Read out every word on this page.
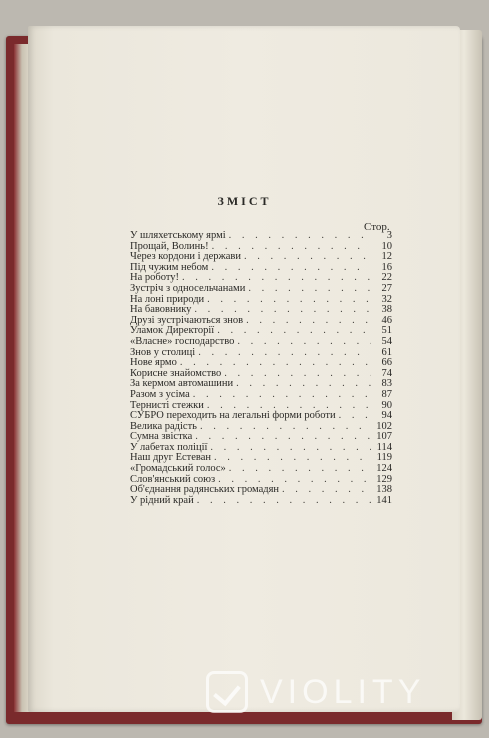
ЗМІСТ
Стор.
У шляхетському ярмі . . .	3
Прощай, Волинь! . . .	10
Через кордони і держави . . .	12
Під чужим небом . . .	16
На роботу! . . .	22
Зустріч з односельчанами . . .	27
На лоні природи . . .	32
На бавовнику . . .	38
Друзі зустрічаються знов . . .	46
Уламок Директорії . . .	51
«Власне» господарство . . .	54
Знов у столиці . . .	61
Нове ярмо . . .	66
Корисне знайомство . . .	74
За кермом автомашини . . .	83
Разом з усіма . . .	87
Тернисті стежки . . .	90
СУБРО переходить на легальні форми роботи . . .	94
Велика радість . . .	102
Сумна звістка . . .	107
У лабетах поліції . . .	114
Наш друг Естеван . . .	119
«Громадський голос» . . .	124
Слов'янський союз . . .	129
Об'єднання радянських громадян . . .	138
У рідний край . . .	141
VIOLITY
